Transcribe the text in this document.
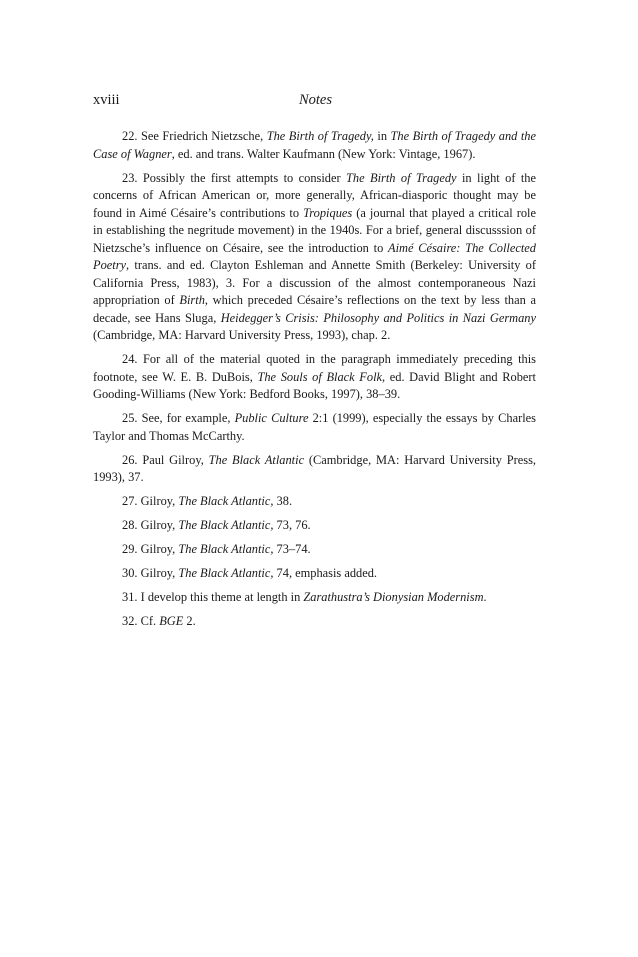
xviii	Notes

22. See Friedrich Nietzsche, The Birth of Tragedy, in The Birth of Tragedy and the Case of Wagner, ed. and trans. Walter Kaufmann (New York: Vintage, 1967).

23. Possibly the first attempts to consider The Birth of Tragedy in light of the concerns of African American or, more generally, African-diasporic thought may be found in Aimé Césaire’s contributions to Tropiques (a journal that played a critical role in establishing the negritude movement) in the 1940s. For a brief, general discusssion of Nietzsche’s influence on Césaire, see the introduction to Aimé Césaire: The Collected Poetry, trans. and ed. Clayton Eshleman and Annette Smith (Berkeley: University of California Press, 1983), 3. For a discussion of the almost contemporaneous Nazi appropriation of Birth, which preceded Césaire’s reflections on the text by less than a decade, see Hans Sluga, Heidegger’s Crisis: Philosophy and Politics in Nazi Germany (Cambridge, MA: Harvard University Press, 1993), chap. 2.

24. For all of the material quoted in the paragraph immediately preceding this footnote, see W. E. B. DuBois, The Souls of Black Folk, ed. David Blight and Robert Gooding-Williams (New York: Bedford Books, 1997), 38–39.

25. See, for example, Public Culture 2:1 (1999), especially the essays by Charles Taylor and Thomas McCarthy.

26. Paul Gilroy, The Black Atlantic (Cambridge, MA: Harvard University Press, 1993), 37.

27. Gilroy, The Black Atlantic, 38.

28. Gilroy, The Black Atlantic, 73, 76.

29. Gilroy, The Black Atlantic, 73–74.

30. Gilroy, The Black Atlantic, 74, emphasis added.

31. I develop this theme at length in Zarathustra’s Dionysian Modernism.

32. Cf. BGE 2.
